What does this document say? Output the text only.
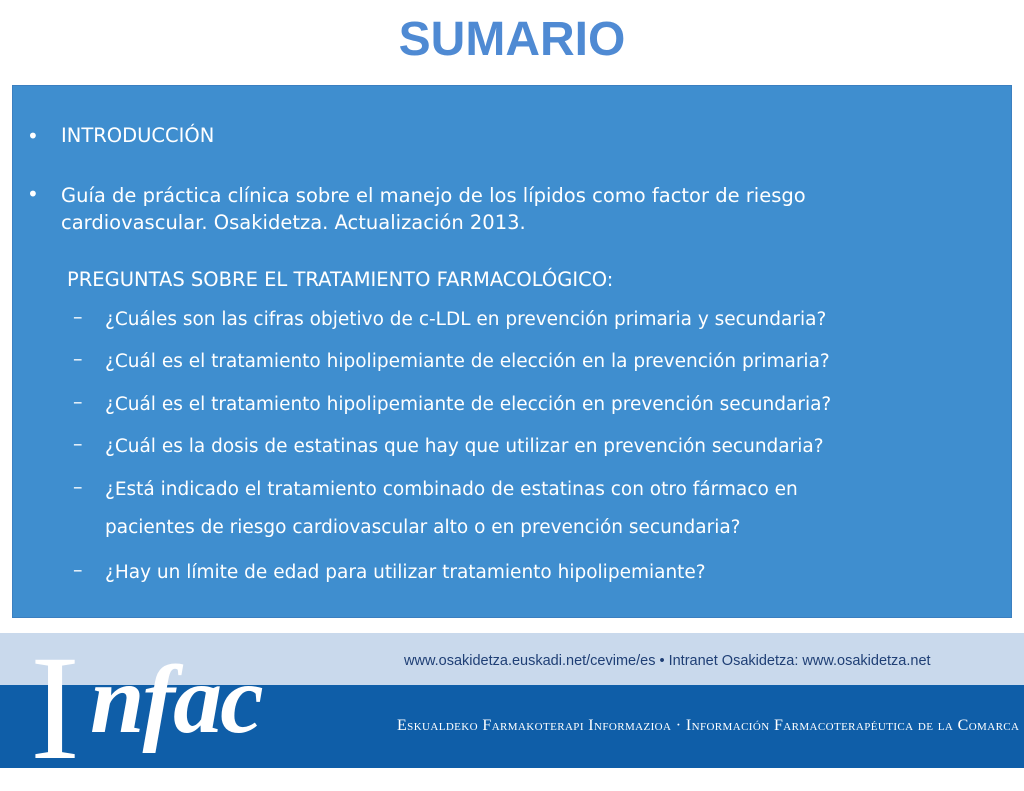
SUMARIO
• INTRODUCCIÓN
• Guía de práctica clínica sobre el manejo de los lípidos como factor de riesgo
cardiovascular. Osakidetza. Actualización 2013.
PREGUNTAS SOBRE EL TRATAMIENTO FARMACOLÓGICO:
– ¿Cuáles son las cifras objetivo de c-LDL en prevención primaria y secundaria?
– ¿Cuál es el tratamiento hipolipemiante de elección en la prevención primaria?
– ¿Cuál es el tratamiento hipolipemiante de elección en prevención secundaria?
– ¿Cuál es la dosis de estatinas que hay que utilizar en prevención secundaria?
– ¿Está indicado el tratamiento combinado de estatinas con otro fármaco en
pacientes de riesgo cardiovascular alto o en prevención secundaria?
– ¿Hay un límite de edad para utilizar tratamiento hipolipemiante?
I nfac	www.osakidetza.euskadi.net/cevime/es • Intranet Osakidetza: www.osakidetza.net
Eskualdeko Farmakoterapi Informazioa · Información Farmacoterapéutica de la Comarca
